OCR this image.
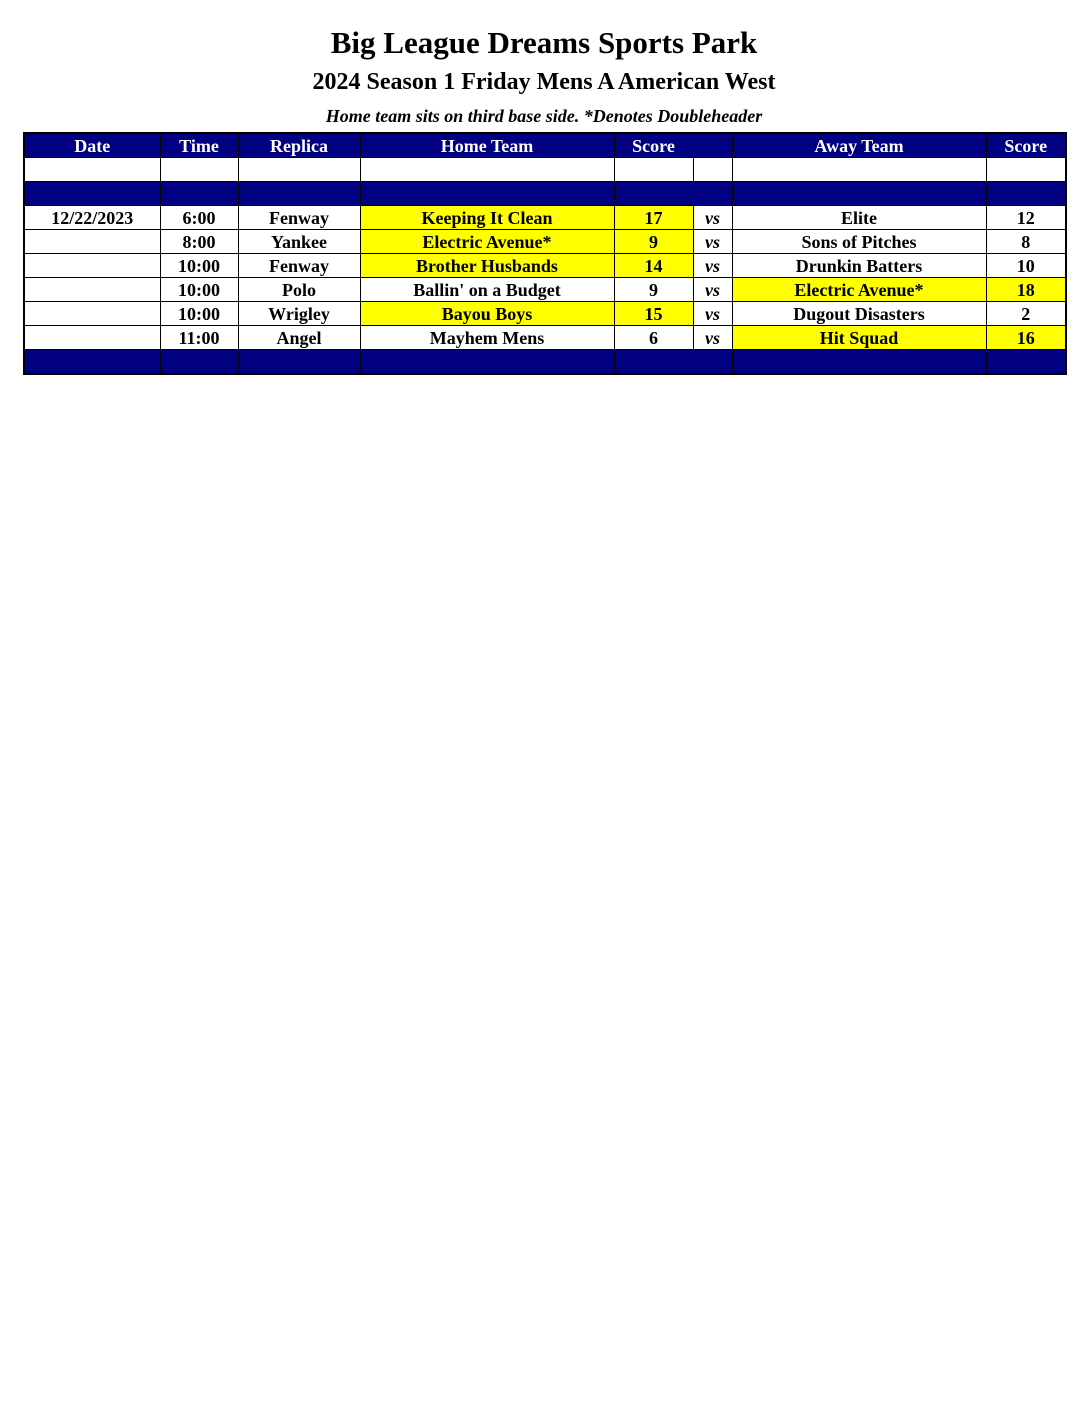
Big League Dreams Sports Park
2024 Season 1 Friday Mens A American West
Home team sits on third base side. *Denotes Doubleheader
Date	Time	Replica	Home Team	Score		Away Team	Score

12/22/2023	6:00	Fenway	Keeping It Clean	17	vs	Elite	12
	8:00	Yankee	Electric Avenue*	9	vs	Sons of Pitches	8
	10:00	Fenway	Brother Husbands	14	vs	Drunkin Batters	10
	10:00	Polo	Ballin' on a Budget	9	vs	Electric Avenue*	18
	10:00	Wrigley	Bayou Boys	15	vs	Dugout Disasters	2
	11:00	Angel	Mayhem Mens	6	vs	Hit Squad	16
